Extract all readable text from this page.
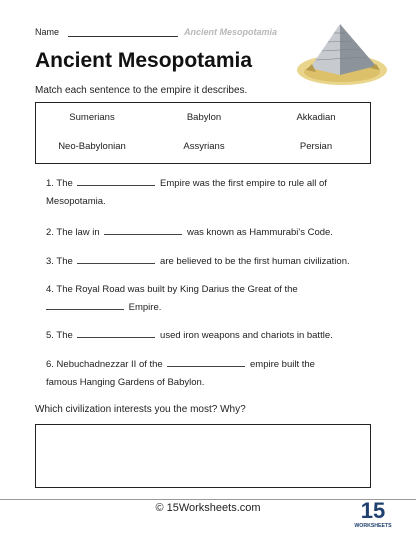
Name	Ancient Mesopotamia
Ancient Mesopotamia
Match each sentence to the empire it describes.
Sumerians	Babylon	Akkadian
Neo-Babylonian	Assyrians	Persian
1. The	Empire was the first empire to rule all of
Mesopotamia.
2. The law in	was known as Hammurabi's Code.
3. The	are believed to be the first human civilization.
4. The Royal Road was built by King Darius the Great of the
Empire.
5. The	used iron weapons and chariots in battle.
6. Nebuchadnezzar II of the	empire built the
famous Hanging Gardens of Babylon.
Which civilization interests you the most? Why?
© 15Worksheets.com	15
WORKSHEETS
